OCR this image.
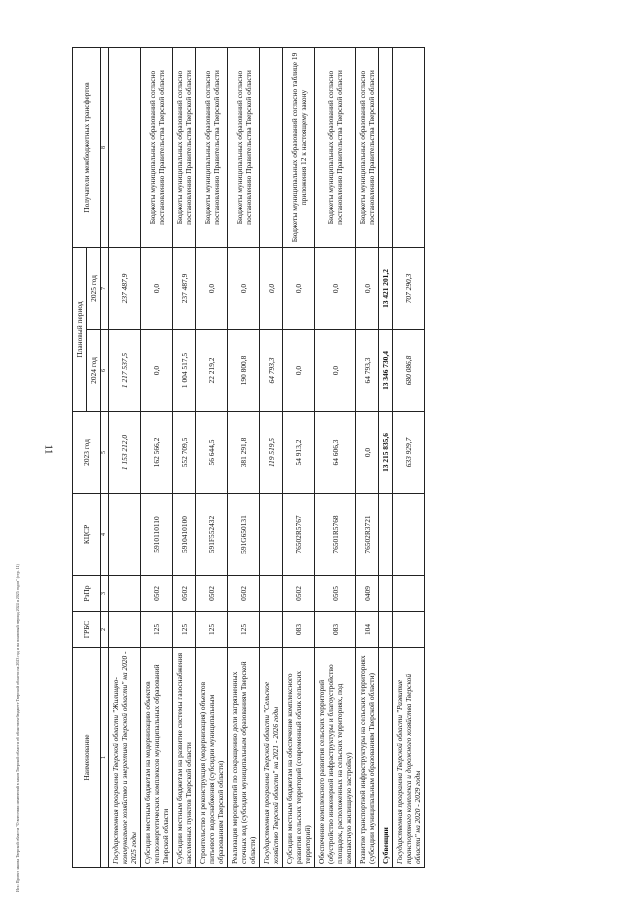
11
Исх: Проект закона Тверской области "О внесении изменений в закон Тверской области об областном бюджете Тверской области на 2023 год и на плановый период 2024 и 2025 годов" (стр. 11)	Наименование	ГРБС	РзПр	КЦСР	2023 год	Плановый период		Получатели межбюджетных трансфертов
					2024 год	2025 год	
1	2	3	4	5	6	7	8
Государственная программа Тверской области "Жилищно-коммунальное хозяйство и энергетика Тверской области" на 2020 - 2025 годы				1 153 212,0	1 217 537,5	237 487,9	
Субсидии местным бюджетам на модернизацию объектов теплоэнергетических комплексов муниципальных образований Тверской области	125	0502	5910110110	162 566,2	0,0	0,0	Бюджеты муниципальных образований согласно постановлению Правительства Тверской области
Субсидии местным бюджетам на развитие системы газоснабжения населенных пунктов Тверской области	125	0502	5910410100	552 709,5	1 004 517,5	237 487,9	Бюджеты муниципальных образований согласно постановлению Правительства Тверской области
Строительство и реконструкция (модернизация) объектов питьевого водоснабжения (субсидии муниципальным образованиям Тверской области)	125	0502	591F552432	56 644,5	22 219,2	0,0	Бюджеты муниципальных образований согласно постановлению Правительства Тверской области
Реализация мероприятий по сокращению доли загрязненных сточных вод (субсидии муниципальным образованиям Тверской области)	125	0502	591G650131	381 291,8	190 800,8	0,0	Бюджеты муниципальных образований согласно постановлению Правительства Тверской области
Государственная программа Тверской области "Сельское хозяйство Тверской области" на 2021 - 2026 годы				119 519,5	64 793,3	0,0	
Субсидии местным бюджетам на обеспечение комплексного развития сельских территорий (современный облик сельских территорий)	083	0502	76502R5767	54 913,2	0,0	0,0	Бюджеты муниципальных образований согласно таблице 19 приложения 12 к настоящему закону
Обеспечение комплексного развития сельских территорий (обустройство инженерной инфраструктуры и благоустройство площадок, расположенных на сельских территориях, под компактную жилищную застройку)	083	0505	76501R5768	64 606,3	0,0	0,0	Бюджеты муниципальных образований согласно постановлению Правительства Тверской области
Развитие транспортной инфраструктуры на сельских территориях (субсидии муниципальным образованиям Тверской области)	104	0409	76502R3721	0,0	64 793,3	0,0	Бюджеты муниципальных образований согласно постановлению Правительства Тверской области
Субвенции				13 215 835,6	13 346 730,4	13 421 201,2	
Государственная программа Тверской области "Развитие транспортного комплекса и дорожного хозяйства Тверской области" на 2020 - 2029 годы				633 929,7	680 086,8	707 290,3	
